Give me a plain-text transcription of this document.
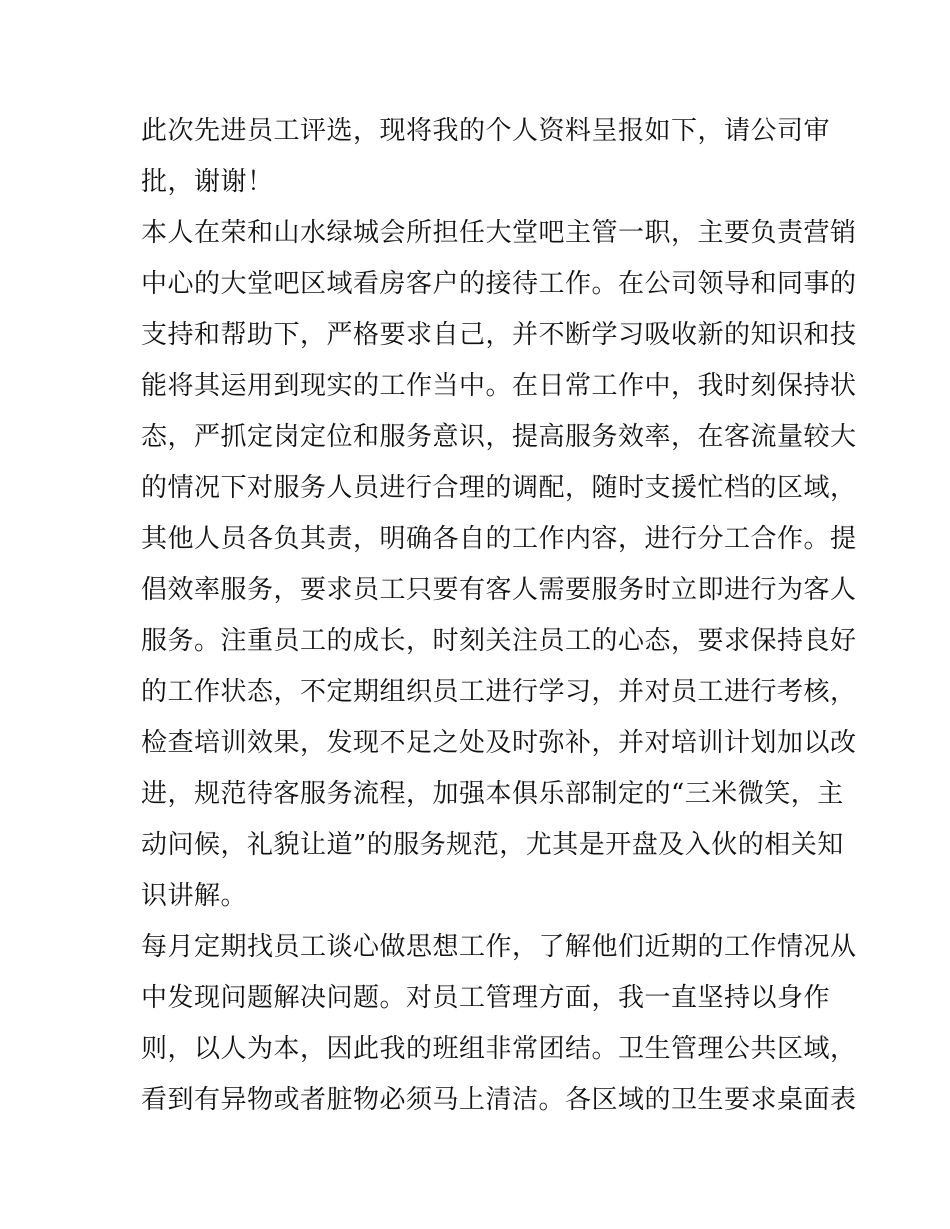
此次先进员工评选，现将我的个人资料呈报如下，请公司审
批，谢谢！
本人在荣和山水绿城会所担任大堂吧主管一职，主要负责营销
中心的大堂吧区域看房客户的接待工作。在公司领导和同事的
支持和帮助下，严格要求自己，并不断学习吸收新的知识和技
能将其运用到现实的工作当中。在日常工作中，我时刻保持状
态，严抓定岗定位和服务意识，提高服务效率，在客流量较大
的情况下对服务人员进行合理的调配，随时支援忙档的区域，
其他人员各负其责，明确各自的工作内容，进行分工合作。提
倡效率服务，要求员工只要有客人需要服务时立即进行为客人
服务。注重员工的成长，时刻关注员工的心态，要求保持良好
的工作状态，不定期组织员工进行学习，并对员工进行考核，
检查培训效果，发现不足之处及时弥补，并对培训计划加以改
进，规范待客服务流程，加强本俱乐部制定的“三米微笑，主
动问候，礼貌让道”的服务规范，尤其是开盘及入伙的相关知
识讲解。
每月定期找员工谈心做思想工作，了解他们近期的工作情况从
中发现问题解决问题。对员工管理方面，我一直坚持以身作
则，以人为本，因此我的班组非常团结。卫生管理公共区域，
看到有异物或者脏物必须马上清洁。各区域的卫生要求桌面表
